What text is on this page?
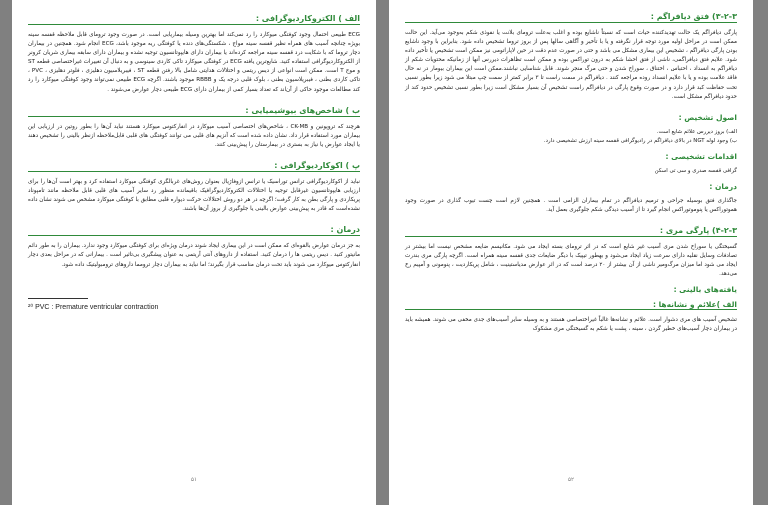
الف ) الکتروکاردیوگرافی :

ECG طبیعی احتمال وجود کوفتگی میوکارد را رد نمی‌کند اما بهترین وسیله بیماریابی است. در صورت وجود ترومای قابل ملاحظه قفسه سینه بویژه چنانچه آسیب های همراه نظیر قفسه سینه مواج ، شکستگی‌های دنده یا کوفتگی ریه موجود باشد، ECG انجام شود. همچنین در بیماران دچار تروما که با شکایت درد قفسه سینه مراجعه کرده‌اند یا بیماران دارای هایپوتانسیون توجیه نشده و بیماران دارای سابقه بیماری شریان کرونر از الکتروکاردیوگرافی استفاده کنید. شایع‌ترین یافته ECG در کوفتگی میوکارد تاکی کاردی سینوسی و به دنبال آن تغییرات غیراختصاصی قطعه ST و موج T است. ممکن است انواعی از دیس ریتمی و اختلالات هدایتی شامل بالا رفتن قطعه ST ، فیبریلاسیون دهلیزی ، فلوتر دهلیزی ، PVC ، تاکی کاردی بطنی ، فیبریلاسیون بطنی ، بلوک قلبی درجه یک و RBBB موجود باشند. اگرچه ECG طبیعی نمی‌تواند وجود کوفتگی میوکارد را رد کند مطالعات موجود حاکی از آن‌اند که تعداد بسیار کمی از بیماران دارای ECG طبیعی دچار عوارض می‌شوند .

ب ) شاخص‌های بیوشیمیایی :

هرچند که تروپونین و CK-MB ، شاخص‌های اختصاصی آسیب میوکارد در انفارکتوس میوکارد هستند نباید آن‌ها را بطور روتین در ارزیابی این بیماران مورد استفاده قرار داد. نشان داده شده است که آنزیم های قلبی می توانند کوفتگی های قلبی قابل‌ملاحظه ازنظر بالینی را تشخیص دهند یا ایجاد عوارض یا نیاز به بستری در بیمارستان را پیش‌بینی کنند.

پ ) اکوکاردیوگرافی :

نباید از اکوکاردیوگرافی ترانس توراسیک یا ترانس ازوفاژیال بعنوان روش‌های غربالگری کوفتگی میوکارد استفاده کرد و بهتر است آن‌ها را برای ارزیابی هایپوتانسیون غیرقابل توجیه یا اختلالات الکتروکاردیوگرافیک باقیمانده منظور رد سایر آسیب های قلبی قابل ملاحظه مانند تامپوناد پریکاردی و پارگی بطن به کار گرفت؛ اگرچه در هر دو روش اختلالات حرکت دیواره قلبی مطابق با کوفتگی میوکارد مشخص می شوند نشان داده نشده‌است که قادر به پیش‌بینی عوارض بالینی یا جلوگیری از بروز آن‌ها باشند.

درمان :

به جز درمان عوارض بالقوه‌ای که ممکن است در این بیماری ایجاد شوند درمان ویژه‌ای برای کوفتگی میوکارد وجود ندارد. بیماران را به طور دائم مانیتور کنید . دیس ریتمی ها را درمان کنید. استفاده از داروهای آنتی آریتمی به عنوان پیشگیری بی‌تاثیر است . بیمارانی که در مراحل بعدی دچار انفارکتوس میوکارد می شوند باید تحت درمان مناسب قرار بگیرند؛ اما نباید به بیماران دچار ترومما داروهای ترومبولیتیک داده شود.

²⁰ PVC : Premature ventricular contraction

۵۱
۳-۲-۳) فتق دیافراگم :

پارگی دیافراگم یک حالت تهدیدکننده حیات است که نسبتاً ناشایع بوده و اغلب به‌علت ترومای بلانت یا نفوذی شکم به‌وجود می‌آید. این حالت ممکن است در مراحل اولیه مورد توجه قرار نگرفته و یا با تأخیر و آگاهی سالها پس از بروز تروما تشخیص داده شود. بنابراین با وجود ناشایع بودن پارگی دیافراگم ، تشخیص این بیماری مشکل می باشد و حتی در صورت عدم دقت در حین لاپاراتومی نیز ممکن است تشخیص یا تأخیر داده شود. علایم فتق دیافراگمی، ناشی از فتق احشا شکم به درون توراکس بوده و ممکن است تظاهرات دیررس آنها از زمانیکه محتویات شکم از دیافراگم به انسداد ، احتباس ، اختناق ، سوراخ شدن و حتی مرگ منجر شوند. قابل شناسایی نباشند.ممکن است این بیماران بیومار در نه حال فاقد علامت بوده و یا با علایم انسداد روده مراجعه کنند . دیافراگم در سمت راست تا ۳ برابر کمتر از سمت چپ مبتلا می شود زیرا بطور نسبی تحت حفاظت کبد قرار دارد و در صورت وقوع پارگی در دیافراگم راست تشخیص آن بسیار مشکل است زیرا بطور نسبی تشخیص حدود کند از حدود دیافراگم مشکل است.

اصول تشخیص :

الف) بروز دیررس علائم شایع است.

ب) وجود لوله NGT در بالای دیافراگم در رادیوگرافی قفسه سینه ارزش تشخیصی دارد.

اقدامات تشخیصی :

گرافی قفسه صدری و سی تی اسکن

درمان :

جاگذاری فتق بوسیله جراحی و ترمیم دیافراگم در تمام بیماران الزامی است . همچنین لازم است چست تیوب گذاری در صورت وجود هموتوراکس یا پنوموتوراکس انجام گیرد تا از آسیب دیدگی شکم جلوگیری بعمل آید.

۴-۲-۳) پارگی مری :

گسیختگی یا سوراخ شدن مری آسیب غیر شایع است که در اثر ترومای بسته ایجاد می شود. مکانیسم ضایعه مشخص نیست اما بیشتر در تصادفات وسایل نقلیه دارای سرعت زیاد ایجاد می‌شود و بهطور تیپیک با دیگر ضایعات جدی قفسه سینه همراه است. اگرچه پارگی مری بندرت ایجاد می شود اما میزان مرگ‌ومیر ناشی از آن بیشتر از ۲۰ درصد است که در اثر عوارض مدیاستینیت ، شامل پریکاردیت ، پنومونی و آمپیم رخ می‌دهد.

یافته‌های بالینی :
الف )علائم و نشانه‌ها :

تشخیص آسیب های مری دشوار است. علائم و نشانه‌ها غالباً غیراختصاصی هستند و به وسیله سایر آسیب‌های جدی مخفی می شوند. همیشه باید در بیماران دچار آسیب‌های خطیر گردن ، سینه ، پشت یا شکم به گسیختگی مری مشکوک

۵۲
